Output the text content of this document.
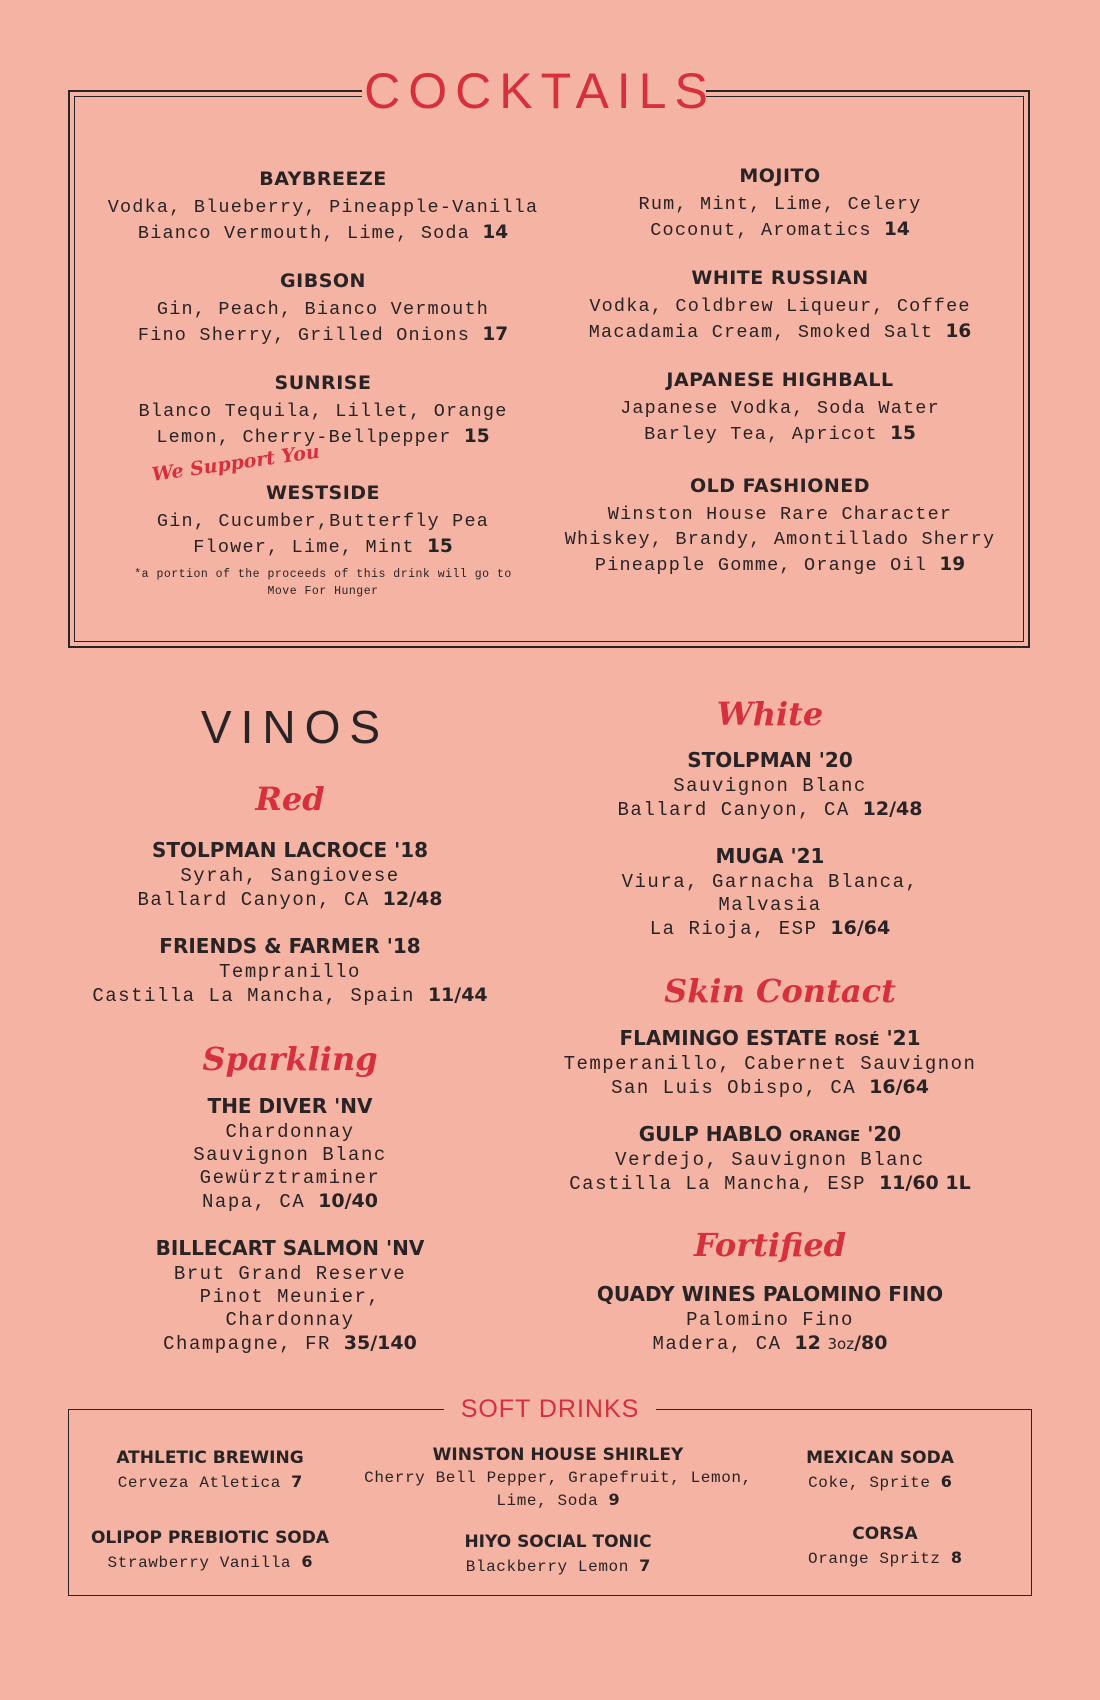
COCKTAILS
BAYBREEZE
Vodka, Blueberry, Pineapple-Vanilla
Bianco Vermouth, Lime, Soda 14
GIBSON
Gin, Peach, Bianco Vermouth
Fino Sherry, Grilled Onions 17
SUNRISE
Blanco Tequila, Lillet, Orange
Lemon, Cherry-Bellpepper 15
We Support You
WESTSIDE
Gin, Cucumber,Butterfly Pea
Flower, Lime, Mint 15
*a portion of the proceeds of this drink will go to
Move For Hunger
MOJITO
Rum, Mint, Lime, Celery
Coconut, Aromatics 14
WHITE RUSSIAN
Vodka, Coldbrew Liqueur, Coffee
Macadamia Cream, Smoked Salt 16
JAPANESE HIGHBALL
Japanese Vodka, Soda Water
Barley Tea, Apricot 15
OLD FASHIONED
Winston House Rare Character
Whiskey, Brandy, Amontillado Sherry
Pineapple Gomme, Orange Oil 19
VINOS
Red
STOLPMAN LACROCE '18
Syrah, Sangiovese
Ballard Canyon, CA 12/48
FRIENDS & FARMER '18
Tempranillo
Castilla La Mancha, Spain 11/44
Sparkling
THE DIVER 'NV
Chardonnay
Sauvignon Blanc
Gewürztraminer
Napa, CA 10/40
BILLECART SALMON 'NV
Brut Grand Reserve
Pinot Meunier,
Chardonnay
Champagne, FR 35/140
White
STOLPMAN '20
Sauvignon Blanc
Ballard Canyon, CA 12/48
MUGA '21
Viura, Garnacha Blanca,
Malvasia
La Rioja, ESP 16/64
Skin Contact
FLAMINGO ESTATE ROSÉ '21
Temperanillo, Cabernet Sauvignon
San Luis Obispo, CA 16/64
GULP HABLO ORANGE '20
Verdejo, Sauvignon Blanc
Castilla La Mancha, ESP 11/60 1L
Fortified
QUADY WINES PALOMINO FINO
Palomino Fino
Madera, CA 12 3oz/80
SOFT DRINKS
ATHLETIC BREWING
Cerveza Atletica 7
WINSTON HOUSE SHIRLEY
Cherry Bell Pepper, Grapefruit, Lemon,
Lime, Soda 9
MEXICAN SODA
Coke, Sprite 6
OLIPOP PREBIOTIC SODA
Strawberry Vanilla 6
HIYO SOCIAL TONIC
Blackberry Lemon 7
CORSA
Orange Spritz 8
